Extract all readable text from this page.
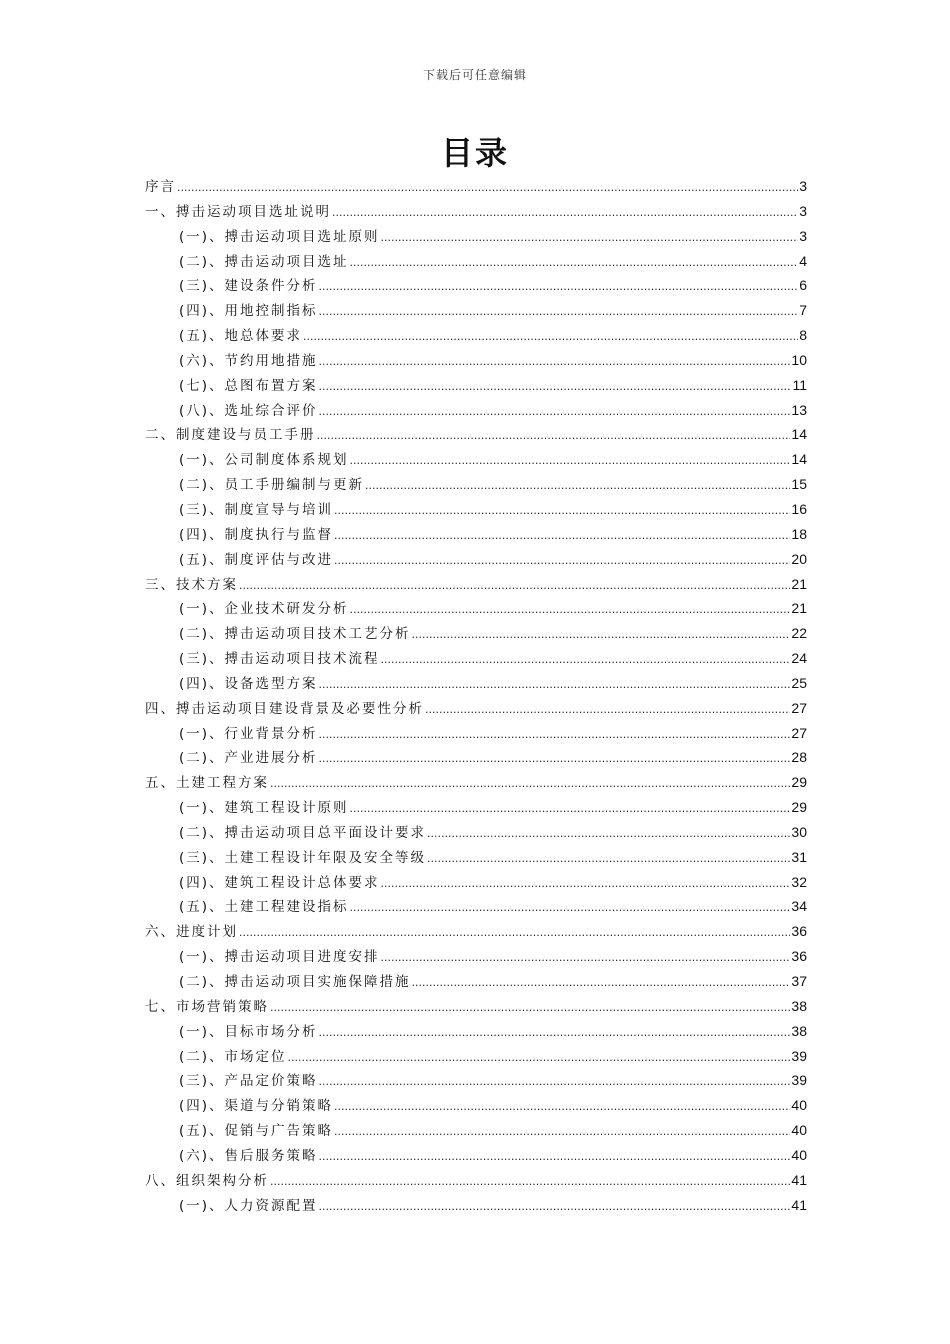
下载后可任意编辑
目录
序言 .....	3
一、搏击运动项目选址说明 .....	3
(一)、搏击运动项目选址原则 .....	3
(二)、搏击运动项目选址 .....	4
(三)、建设条件分析 .....	6
(四)、用地控制指标 .....	7
(五)、地总体要求 .....	8
(六)、节约用地措施 .....	10
(七)、总图布置方案 .....	11
(八)、选址综合评价 .....	13
二、制度建设与员工手册 .....	14
(一)、公司制度体系规划 .....	14
(二)、员工手册编制与更新 .....	15
(三)、制度宣导与培训 .....	16
(四)、制度执行与监督 .....	18
(五)、制度评估与改进 .....	20
三、技术方案 .....	21
(一)、企业技术研发分析 .....	21
(二)、搏击运动项目技术工艺分析 .....	22
(三)、搏击运动项目技术流程 .....	24
(四)、设备选型方案 .....	25
四、搏击运动项目建设背景及必要性分析 .....	27
(一)、行业背景分析 .....	27
(二)、产业进展分析 .....	28
五、土建工程方案 .....	29
(一)、建筑工程设计原则 .....	29
(二)、搏击运动项目总平面设计要求 .....	30
(三)、土建工程设计年限及安全等级 .....	31
(四)、建筑工程设计总体要求 .....	32
(五)、土建工程建设指标 .....	34
六、进度计划 .....	36
(一)、搏击运动项目进度安排 .....	36
(二)、搏击运动项目实施保障措施 .....	37
七、市场营销策略 .....	38
(一)、目标市场分析 .....	38
(二)、市场定位 .....	39
(三)、产品定价策略 .....	39
(四)、渠道与分销策略 .....	40
(五)、促销与广告策略 .....	40
(六)、售后服务策略 .....	40
八、组织架构分析 .....	41
(一)、人力资源配置 .....	41
